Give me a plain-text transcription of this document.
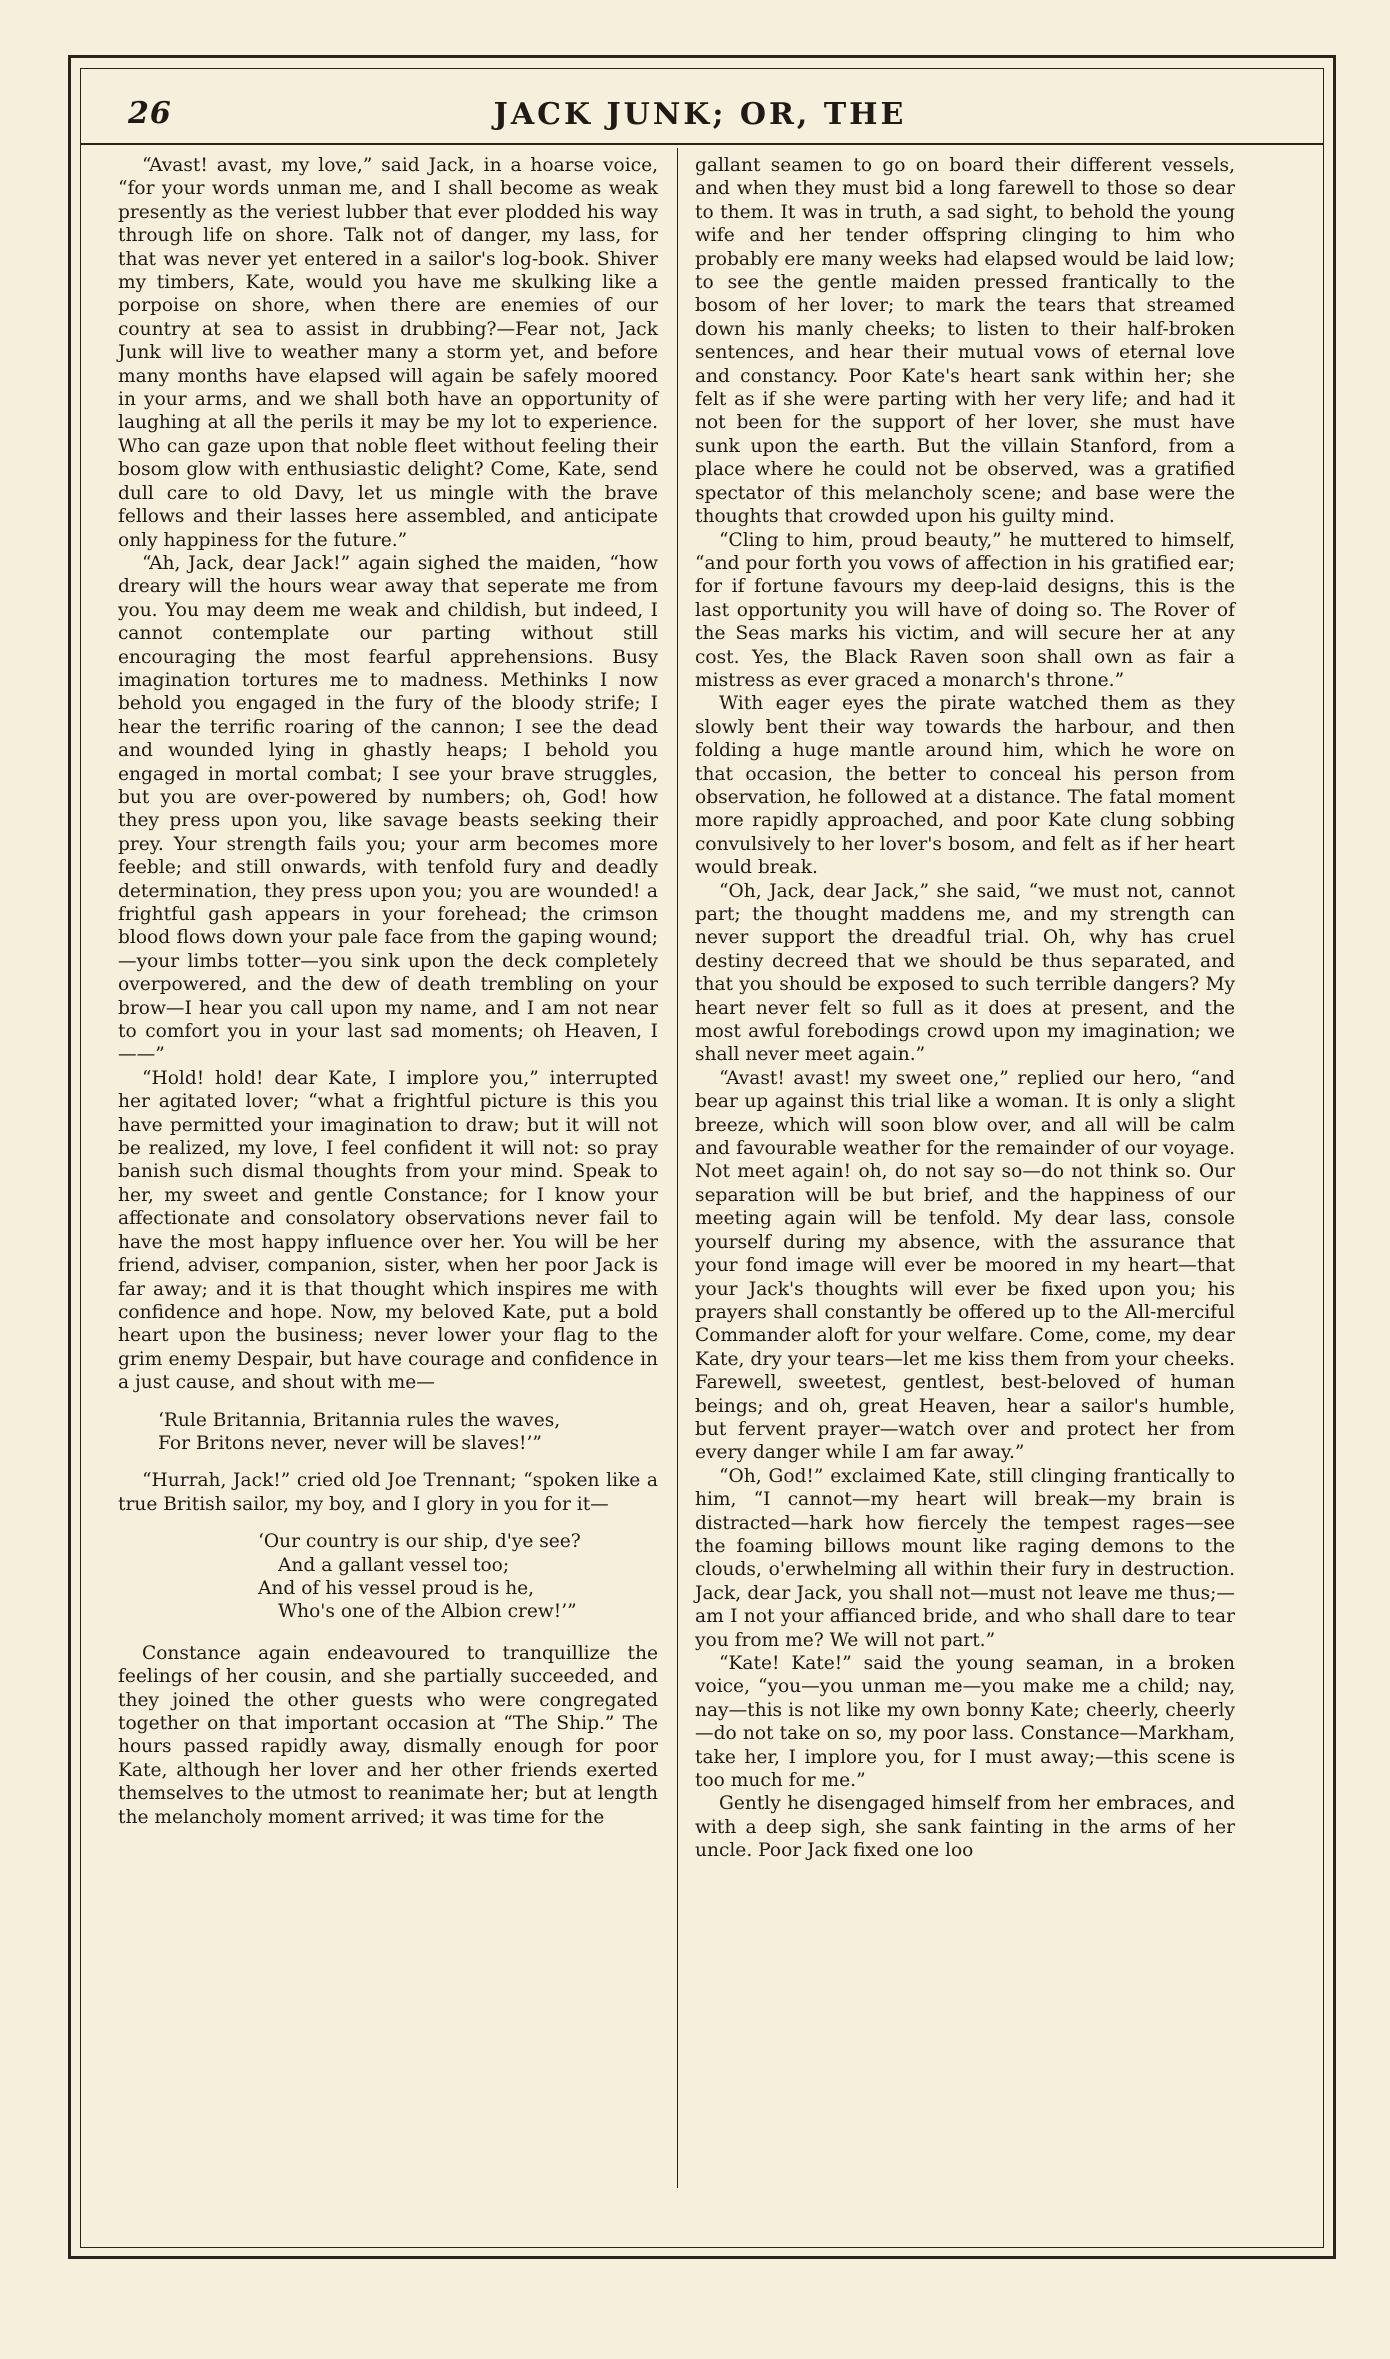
26	JACK JUNK; OR, THE

“Avast! avast, my love,” said Jack, in a hoarse voice, “for your words unman me, and I shall become as weak presently as the veriest lubber that ever plodded his way through life on shore. Talk not of danger, my lass, for that was never yet entered in a sailor's log-book. Shiver my timbers, Kate, would you have me skulking like a porpoise on shore, when there are enemies of our country at sea to assist in drubbing?—Fear not, Jack Junk will live to weather many a storm yet, and before many months have elapsed will again be safely moored in your arms, and we shall both have an opportunity of laughing at all the perils it may be my lot to experience. Who can gaze upon that noble fleet without feeling their bosom glow with enthusiastic delight? Come, Kate, send dull care to old Davy, let us mingle with the brave fellows and their lasses here assembled, and anticipate only happiness for the future.”

“Ah, Jack, dear Jack!” again sighed the maiden, “how dreary will the hours wear away that seperate me from you. You may deem me weak and childish, but indeed, I cannot contemplate our parting without still encouraging the most fearful apprehensions. Busy imagination tortures me to madness. Methinks I now behold you engaged in the fury of the bloody strife; I hear the terrific roaring of the cannon; I see the dead and wounded lying in ghastly heaps; I behold you engaged in mortal combat; I see your brave struggles, but you are over-powered by numbers; oh, God! how they press upon you, like savage beasts seeking their prey. Your strength fails you; your arm becomes more feeble; and still onwards, with tenfold fury and deadly determination, they press upon you; you are wounded! a frightful gash appears in your forehead; the crimson blood flows down your pale face from the gaping wound;—your limbs totter—you sink upon the deck completely overpowered, and the dew of death trembling on your brow—I hear you call upon my name, and I am not near to comfort you in your last sad moments; oh Heaven, I——”

“Hold! hold! dear Kate, I implore you,” interrupted her agitated lover; “what a frightful picture is this you have permitted your imagination to draw; but it will not be realized, my love, I feel confident it will not: so pray banish such dismal thoughts from your mind. Speak to her, my sweet and gentle Constance; for I know your affectionate and consolatory observations never fail to have the most happy influence over her. You will be her friend, adviser, companion, sister, when her poor Jack is far away; and it is that thought which inspires me with confidence and hope. Now, my beloved Kate, put a bold heart upon the business; never lower your flag to the grim enemy Despair, but have courage and confidence in a just cause, and shout with me—

‘Rule Britannia, Britannia rules the waves,
For Britons never, never will be slaves!’”

“Hurrah, Jack!” cried old Joe Trennant; “spoken like a true British sailor, my boy, and I glory in you for it—

‘Our country is our ship, d'ye see?
And a gallant vessel too;
And of his vessel proud is he,
Who's one of the Albion crew!’”

Constance again endeavoured to tranquillize the feelings of her cousin, and she partially succeeded, and they joined the other guests who were congregated together on that important occasion at “The Ship.” The hours passed rapidly away, dismally enough for poor Kate, although her lover and her other friends exerted themselves to the utmost to reanimate her; but at length the melancholy moment arrived; it was time for the

gallant seamen to go on board their different vessels, and when they must bid a long farewell to those so dear to them. It was in truth, a sad sight, to behold the young wife and her tender offspring clinging to him who probably ere many weeks had elapsed would be laid low; to see the gentle maiden pressed frantically to the bosom of her lover; to mark the tears that streamed down his manly cheeks; to listen to their half-broken sentences, and hear their mutual vows of eternal love and constancy. Poor Kate's heart sank within her; she felt as if she were parting with her very life; and had it not been for the support of her lover, she must have sunk upon the earth. But the villain Stanford, from a place where he could not be observed, was a gratified spectator of this melancholy scene; and base were the thoughts that crowded upon his guilty mind.

“Cling to him, proud beauty,” he muttered to himself, “and pour forth you vows of affection in his gratified ear; for if fortune favours my deep-laid designs, this is the last opportunity you will have of doing so. The Rover of the Seas marks his victim, and will secure her at any cost. Yes, the Black Raven soon shall own as fair a mistress as ever graced a monarch's throne.”

With eager eyes the pirate watched them as they slowly bent their way towards the harbour, and then folding a huge mantle around him, which he wore on that occasion, the better to conceal his person from observation, he followed at a distance. The fatal moment more rapidly approached, and poor Kate clung sobbing convulsively to her lover's bosom, and felt as if her heart would break.

“Oh, Jack, dear Jack,” she said, “we must not, cannot part; the thought maddens me, and my strength can never support the dreadful trial. Oh, why has cruel destiny decreed that we should be thus separated, and that you should be exposed to such terrible dangers? My heart never felt so full as it does at present, and the most awful forebodings crowd upon my imagination; we shall never meet again.”

“Avast! avast! my sweet one,” replied our hero, “and bear up against this trial like a woman. It is only a slight breeze, which will soon blow over, and all will be calm and favourable weather for the remainder of our voyage. Not meet again! oh, do not say so—do not think so. Our separation will be but brief, and the happiness of our meeting again will be tenfold. My dear lass, console yourself during my absence, with the assurance that your fond image will ever be moored in my heart—that your Jack's thoughts will ever be fixed upon you; his prayers shall constantly be offered up to the All-merciful Commander aloft for your welfare. Come, come, my dear Kate, dry your tears—let me kiss them from your cheeks. Farewell, sweetest, gentlest, best-beloved of human beings; and oh, great Heaven, hear a sailor's humble, but fervent prayer—watch over and protect her from every danger while I am far away.”

“Oh, God!” exclaimed Kate, still clinging frantically to him, “I cannot—my heart will break—my brain is distracted—hark how fiercely the tempest rages—see the foaming billows mount like raging demons to the clouds, o'erwhelming all within their fury in destruction. Jack, dear Jack, you shall not—must not leave me thus;—am I not your affianced bride, and who shall dare to tear you from me? We will not part.”

“Kate! Kate!” said the young seaman, in a broken voice, “you—you unman me—you make me a child; nay, nay—this is not like my own bonny Kate; cheerly, cheerly—do not take on so, my poor lass. Constance—Markham, take her, I implore you, for I must away;—this scene is too much for me.”

Gently he disengaged himself from her embraces, and with a deep sigh, she sank fainting in the arms of her uncle. Poor Jack fixed one loo
